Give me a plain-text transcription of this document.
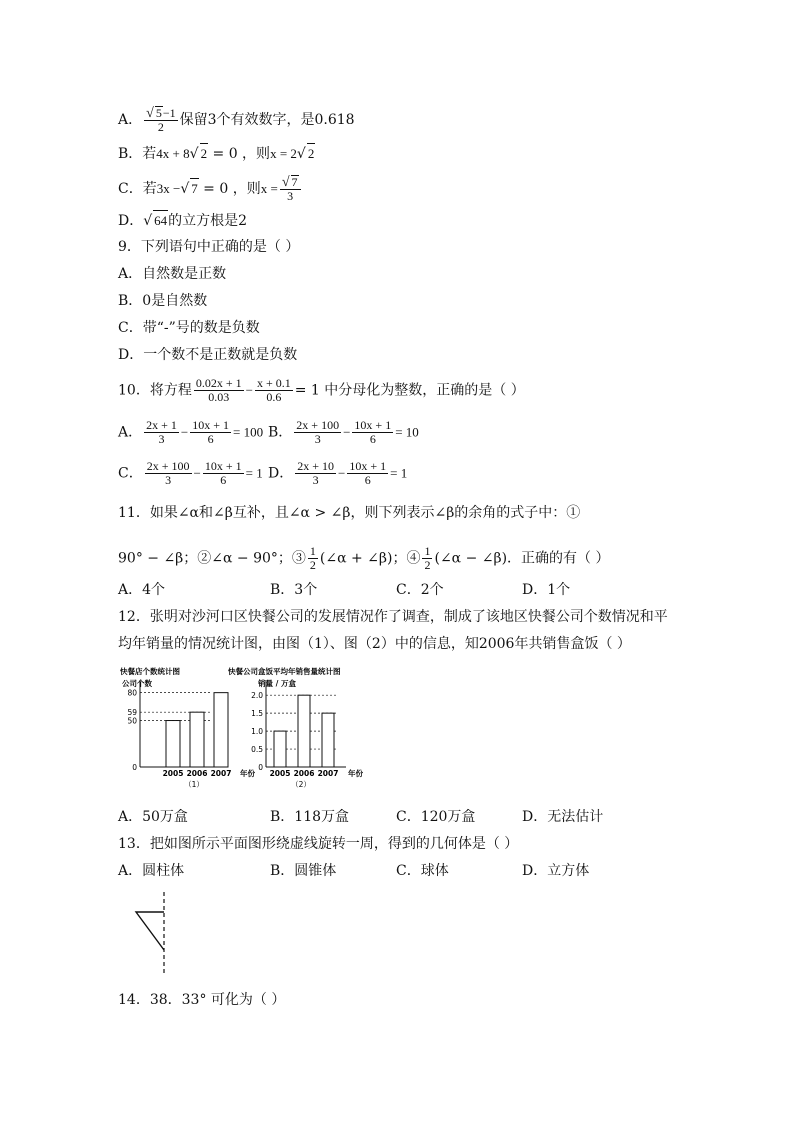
A． $\frac{√ 5-1}{2}$ 保留3个有效数字，是0.618
B．若4x + 8√ 2 = 0 ，则x = 2√ 2
C．若3x −√ 7 = 0 ，则$x = \frac{√ 7}{3}$
D．√ 64的立方根是2
9．下列语句中正确的是（ ）
A．自然数是正数
B．0是自然数
C．带“-”号的数是负数
D．一个数不是正数就是负数
10．将方程 $\frac{0.02x + 1}{0.03} - \frac{x + 0.1}{0.6} = 1$ 中分母化为整数，正确的是（ ）
A． $\frac{2x + 1}{3} - \frac{10x + 1}{6} = 100$ B． $\frac{2x + 100}{3} - \frac{10x + 1}{6} = 10$
C． $\frac{2x + 100}{3} - \frac{10x + 1}{6} = 1$ D． $\frac{2x + 10}{3} - \frac{10x + 1}{6} = 1$
11．如果∠α和∠β互补，且∠α > ∠β，则下列表示∠β的余角的式子中：①
90° − ∠β；②∠α − 90°；③ $\frac{1}{2}$ (∠α + ∠β)；④ $\frac{1}{2}$ (∠α − ∠β)．正确的有（ ）
A．4个	B．3个	C．2个	D．1个
12．张明对沙河口区快餐公司的发展情况作了调查，制成了该地区快餐公司个数情况和平
均年销量的情况统计图，由图（1）、图（2）中的信息，知2006年共销售盒饭（ ）
快餐店个数统计图
公司个数
0
50
59
80
2005 2006 2007 年份
（1）
快餐公司盒饭平均年销售量统计图
销量 / 万盒
0
0.5
1.0
1.5
2.0
2005 2006 2007 年份
（2）
A．50万盒	B．118万盒	C．120万盒	D．无法估计
13．把如图所示平面图形绕虚线旋转一周，得到的几何体是（ ）
A．圆柱体	B．圆锥体	C．球体	D．立方体
14．38．33° 可化为（ ）
